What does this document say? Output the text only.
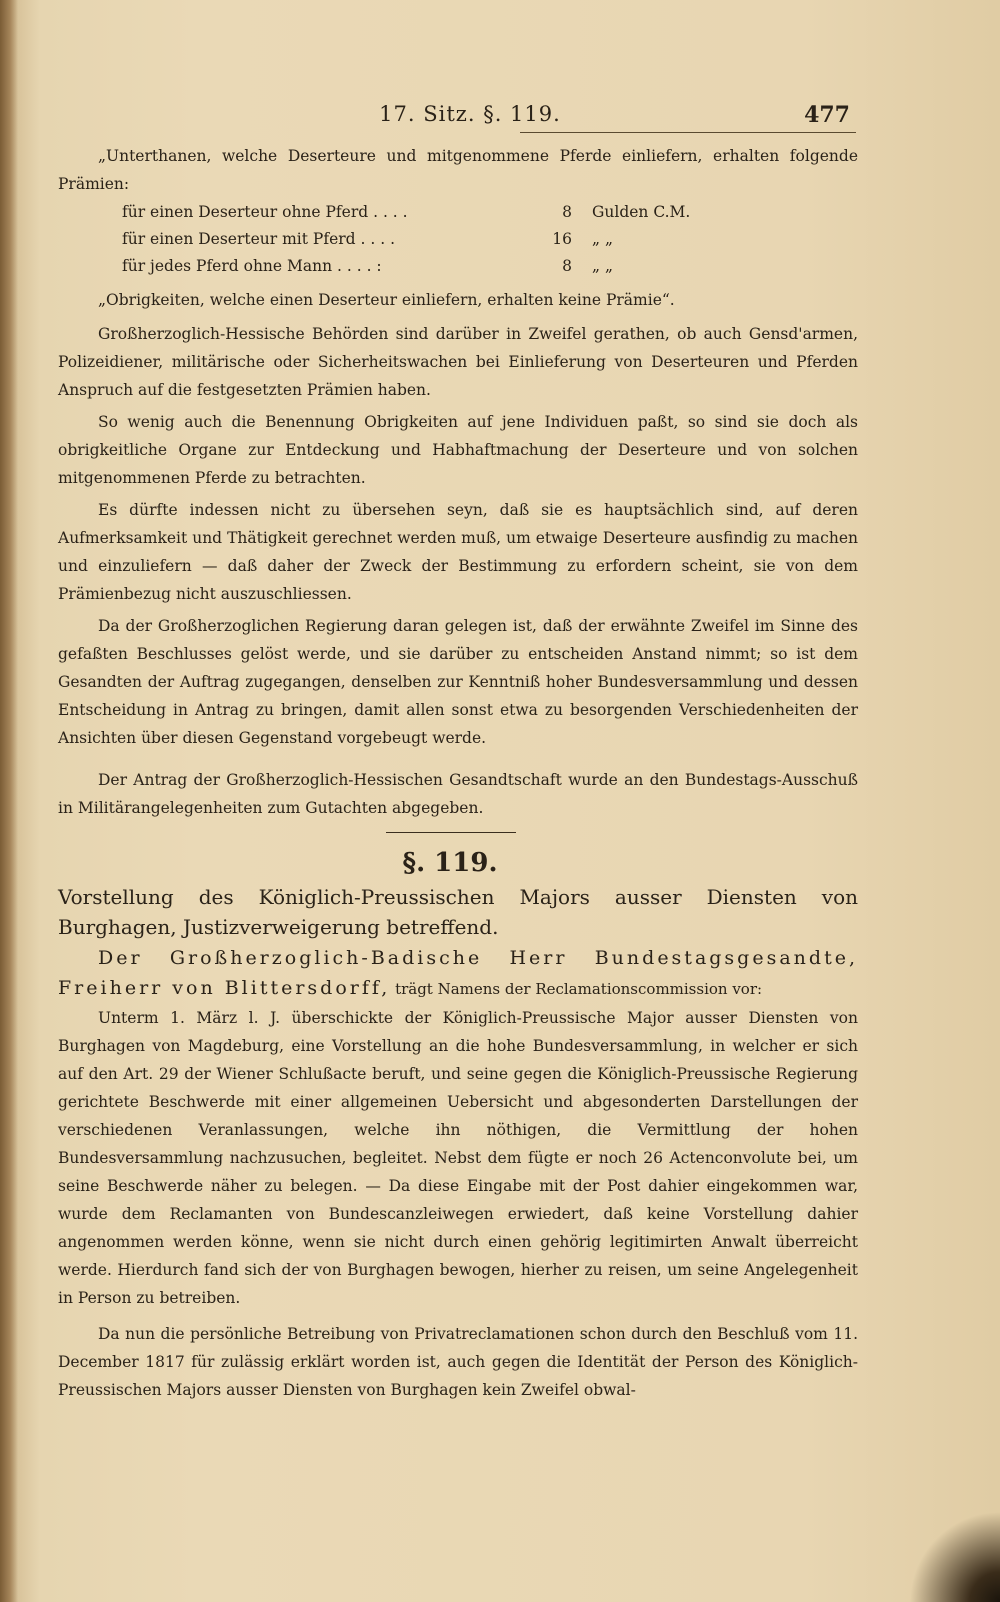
17. Sitz. §. 119.	477

„Unterthanen, welche Deserteure und mitgenommene Pferde einliefern, erhalten folgende Prämien:

für einen Deserteur ohne Pferd . . . .	8	Gulden C.M.
für einen Deserteur mit Pferd . . . .	16	„ „
für jedes Pferd ohne Mann . . . . :	8	„ „

„Obrigkeiten, welche einen Deserteur einliefern, erhalten keine Prämie“.

Großherzoglich-Hessische Behörden sind darüber in Zweifel gerathen, ob auch Gensd'armen, Polizeidiener, militärische oder Sicherheitswachen bei Einlieferung von Deserteuren und Pferden Anspruch auf die festgesetzten Prämien haben.

So wenig auch die Benennung Obrigkeiten auf jene Individuen paßt, so sind sie doch als obrigkeitliche Organe zur Entdeckung und Habhaftmachung der Deserteure und von solchen mitgenommenen Pferde zu betrachten.

Es dürfte indessen nicht zu übersehen seyn, daß sie es hauptsächlich sind, auf deren Aufmerksamkeit und Thätigkeit gerechnet werden muß, um etwaige Deserteure ausfindig zu machen und einzuliefern — daß daher der Zweck der Bestimmung zu erfordern scheint, sie von dem Prämienbezug nicht auszuschliessen.

Da der Großherzoglichen Regierung daran gelegen ist, daß der erwähnte Zweifel im Sinne des gefaßten Beschlusses gelöst werde, und sie darüber zu entscheiden Anstand nimmt; so ist dem Gesandten der Auftrag zugegangen, denselben zur Kenntniß hoher Bundesversammlung und dessen Entscheidung in Antrag zu bringen, damit allen sonst etwa zu besorgenden Verschiedenheiten der Ansichten über diesen Gegenstand vorgebeugt werde.

Der Antrag der Großherzoglich-Hessischen Gesandtschaft wurde an den Bundestags-Ausschuß in Militärangelegenheiten zum Gutachten abgegeben.

§. 119.
Vorstellung des Königlich-Preussischen Majors ausser Diensten von Burghagen, Justizverweigerung betreffend.
Der Großherzoglich-Badische Herr Bundestagsgesandte, Freiherr von Blittersdorff, trägt Namens der Reclamationscommission vor:

Unterm 1. März l. J. überschickte der Königlich-Preussische Major ausser Diensten von Burghagen von Magdeburg, eine Vorstellung an die hohe Bundesversammlung, in welcher er sich auf den Art. 29 der Wiener Schlußacte beruft, und seine gegen die Königlich-Preussische Regierung gerichtete Beschwerde mit einer allgemeinen Uebersicht und abgesonderten Darstellungen der verschiedenen Veranlassungen, welche ihn nöthigen, die Vermittlung der hohen Bundesversammlung nachzusuchen, begleitet. Nebst dem fügte er noch 26 Actenconvolute bei, um seine Beschwerde näher zu belegen. — Da diese Eingabe mit der Post dahier eingekommen war, wurde dem Reclamanten von Bundescanzleiwegen erwiedert, daß keine Vorstellung dahier angenommen werden könne, wenn sie nicht durch einen gehörig legitimirten Anwalt überreicht werde. Hierdurch fand sich der von Burghagen bewogen, hierher zu reisen, um seine Angelegenheit in Person zu betreiben.

Da nun die persönliche Betreibung von Privatreclamationen schon durch den Beschluß vom 11. December 1817 für zulässig erklärt worden ist, auch gegen die Identität der Person des Königlich-Preussischen Majors ausser Diensten von Burghagen kein Zweifel obwal-
